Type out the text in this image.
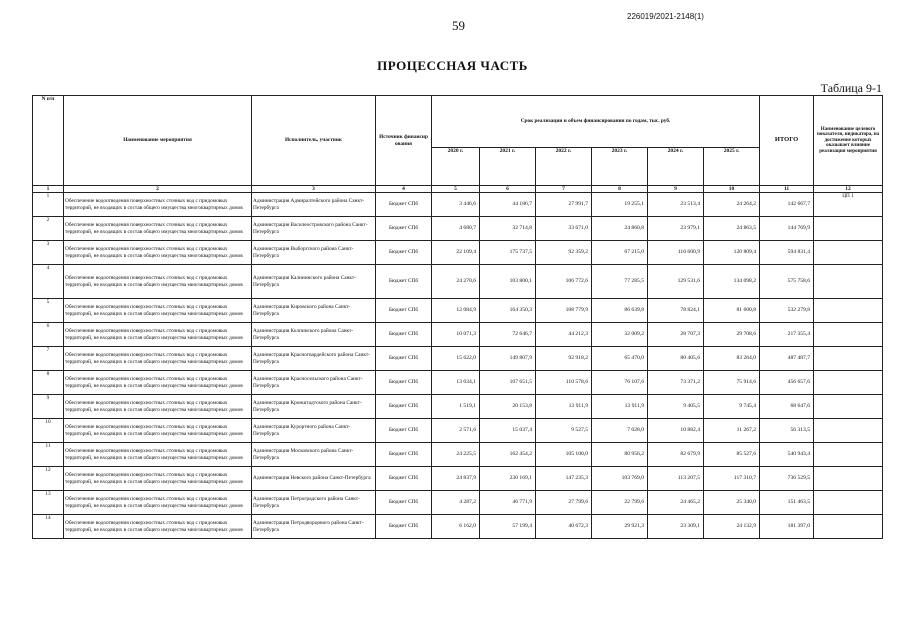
59
226019/2021-2148(1)
ПРОЦЕССНАЯ ЧАСТЬ
Таблица 9-1
N п/п	Наименование мероприятия	Исполнитель, участник	Источник финансир ования	Срок реализации и объем финансирования по годам, тыс. руб.						ИТОГО	Наименование целевого показателя, индикатора, на достижение которых оказывает влияние реализация мероприятия
				2020 г.	2021 г.	2022 г.	2023 г.	2024 г.	2025 г.		
1	2	3	4	5	6	7	8	9	10	11	12
1	Обеспечение водоотведения поверхностных сточных вод с придомовых территорий, не входящих в состав общего имущества многоквартирных домов	Администрация Адмиралтейского района Санкт-Петербурга	Бюджет СПб	3 446,6	44 186,7	27 991,7	19 255,1	23 513,4	24 264,2	142 667,7	ЦП 1
2	Обеспечение водоотведения поверхностных сточных вод с придомовых территорий, не входящих в состав общего имущества многоквартирных домов	Администрация Василеостровского района Санкт-Петербурга	Бюджет СПб	4 680,7	32 714,8	33 671,0	24 860,8	23 979,1	24 863,5	144 769,9	
3	Обеспечение водоотведения поверхностных сточных вод с придомовых территорий, не входящих в состав общего имущества многоквартирных домов	Администрация Выборгского района Санкт-Петербурга	Бюджет СПб	22 109,4	175 737,5	92 359,2	67 215,0	116 600,9	120 809,4	594 831,4	
4	Обеспечение водоотведения поверхностных сточных вод с придомовых территорий, не входящих в состав общего имущества многоквартирных домов	Администрация Калининского района Санкт-Петербурга	Бюджет СПб	24 270,6	103 800,1	106 772,6	77 285,5	129 531,6	134 098,2	575 758,6	
5	Обеспечение водоотведения поверхностных сточных вод с придомовых территорий, не входящих в состав общего имущества многоквартирных домов	Администрация Кировского района Санкт-Петербурга	Бюджет СПб	12 084,9	164 350,3	108 779,9	86 639,8	78 824,1	81 600,8	532 279,8	
6	Обеспечение водоотведения поверхностных сточных вод с придомовых территорий, не входящих в состав общего имущества многоквартирных домов	Администрация Колпинского района Санкт-Петербурга	Бюджет СПб	10 071,3	72 646,7	44 212,3	32 009,2	28 707,3	29 708,6	217 355,4	
7	Обеспечение водоотведения поверхностных сточных вод с придомовых территорий, не входящих в состав общего имущества многоквартирных домов	Администрация Красногвардейского района Санкт-Петербурга	Бюджет СПб	15 622,0	149 807,9	92 918,2	65 470,0	80 405,6	83 264,0	487 487,7	
8	Обеспечение водоотведения поверхностных сточных вод с придомовых территорий, не входящих в состав общего имущества многоквартирных домов	Администрация Красносельского района Санкт-Петербурга	Бюджет СПб	13 034,1	107 651,5	110 578,6	76 107,6	73 371,2	75 914,6	456 657,6	
9	Обеспечение водоотведения поверхностных сточных вод с придомовых территорий, не входящих в состав общего имущества многоквартирных домов	Администрация Кронштадтского района Санкт-Петербурга	Бюджет СПб	1 519,1	20 153,8	13 911,9	13 911,9	9 405,5	9 745,4	68 647,6	
10	Обеспечение водоотведения поверхностных сточных вод с придомовых территорий, не входящих в состав общего имущества многоквартирных домов	Администрация Курортного района Санкт-Петербурга	Бюджет СПб	2 571,6	15 037,4	9 527,5	7 028,0	10 882,4	11 267,2	56 313,5	
11	Обеспечение водоотведения поверхностных сточных вод с придомовых территорий, не входящих в состав общего имущества многоквартирных домов	Администрация Московского района Санкт-Петербурга	Бюджет СПб	24 225,5	162 454,2	105 100,0	80 956,2	82 679,9	85 527,6	540 943,4	
12	Обеспечение водоотведения поверхностных сточных вод с придомовых территорий, не входящих в состав общего имущества многоквартирных домов	Администрация Невского района Санкт-Петербурга	Бюджет СПб	24 837,9	230 169,1	147 235,3	103 769,0	113 207,5	117 310,7	736 529,5	
13	Обеспечение водоотведения поверхностных сточных вод с придомовых территорий, не входящих в состав общего имущества многоквартирных домов	Администрация Петроградского района Санкт-Петербурга	Бюджет СПб	4 287,2	46 771,9	27 799,6	22 799,6	24 465,2	25 340,0	151 463,5	
14	Обеспечение водоотведения поверхностных сточных вод с придомовых территорий, не входящих в состав общего имущества многоквартирных домов	Администрация Петродворцового района Санкт-Петербурга	Бюджет СПб	6 162,0	57 199,4	40 672,3	29 921,3	23 309,1	24 132,9	181 397,0	
